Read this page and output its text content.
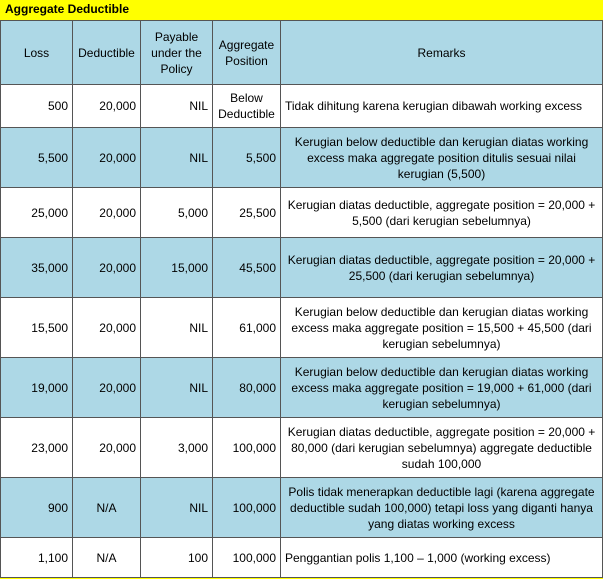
Aggregate Deductible
Loss	Deductible	Payable under the Policy	Aggregate Position	Remarks
500	20,000	NIL	Below Deductible	Tidak dihitung karena kerugian dibawah working excess
5,500	20,000	NIL	5,500	Kerugian below deductible dan kerugian diatas working excess maka aggregate position ditulis sesuai nilai kerugian (5,500)
25,000	20,000	5,000	25,500	Kerugian diatas deductible, aggregate position = 20,000 + 5,500 (dari kerugian sebelumnya)
35,000	20,000	15,000	45,500	Kerugian diatas deductible, aggregate position = 20,000 + 25,500 (dari kerugian sebelumnya)
15,500	20,000	NIL	61,000	Kerugian below deductible dan kerugian diatas working excess maka aggregate position = 15,500 + 45,500 (dari kerugian sebelumnya)
19,000	20,000	NIL	80,000	Kerugian below deductible dan kerugian diatas working excess maka aggregate position = 19,000 + 61,000 (dari kerugian sebelumnya)
23,000	20,000	3,000	100,000	Kerugian diatas deductible, aggregate position = 20,000 + 80,000 (dari kerugian sebelumnya) aggregate deductible sudah 100,000
900	N/A	NIL	100,000	Polis tidak menerapkan deductible lagi (karena aggregate deductible sudah 100,000) tetapi loss yang diganti hanya yang diatas working excess
1,100	N/A	100	100,000	Penggantian polis 1,100 – 1,000 (working excess)
